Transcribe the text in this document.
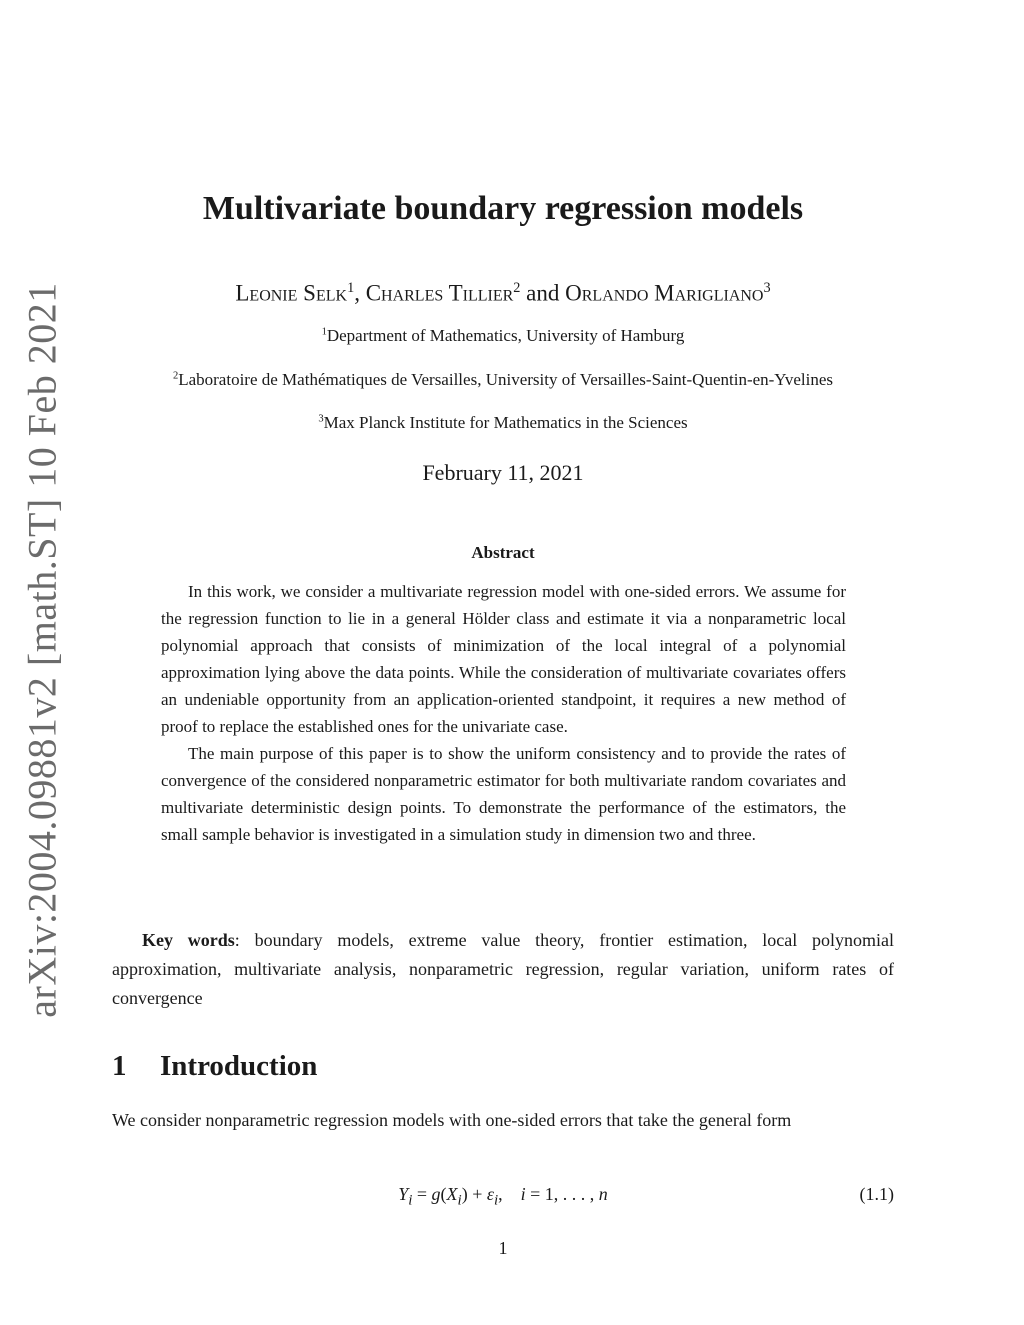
arXiv:2004.09881v2 [math.ST] 10 Feb 2021
Multivariate boundary regression models
Leonie Selk$^1$, Charles Tillier$^2$ and Orlando Marigliano$^3$
$^1$Department of Mathematics, University of Hamburg
$^2$Laboratoire de Mathématiques de Versailles, University of Versailles-Saint-Quentin-en-Yvelines
$^3$Max Planck Institute for Mathematics in the Sciences
February 11, 2021
Abstract

In this work, we consider a multivariate regression model with one-sided errors. We assume for the regression function to lie in a general Hölder class and estimate it via a nonparametric local polynomial approach that consists of minimization of the local integral of a polynomial approximation lying above the data points. While the consideration of multivariate covariates offers an undeniable opportunity from an application-oriented standpoint, it requires a new method of proof to replace the established ones for the univariate case.

The main purpose of this paper is to show the uniform consistency and to provide the rates of convergence of the considered nonparametric estimator for both multivariate random covariates and multivariate deterministic design points. To demonstrate the performance of the estimators, the small sample behavior is investigated in a simulation study in dimension two and three.

Key words: boundary models, extreme value theory, frontier estimation, local polynomial approximation, multivariate analysis, nonparametric regression, regular variation, uniform rates of convergence

1 Introduction

We consider nonparametric regression models with one-sided errors that take the general form

$Y_i = g(X_i) + \varepsilon_i$,    i = 1, . . . , n	(1.1)
1
